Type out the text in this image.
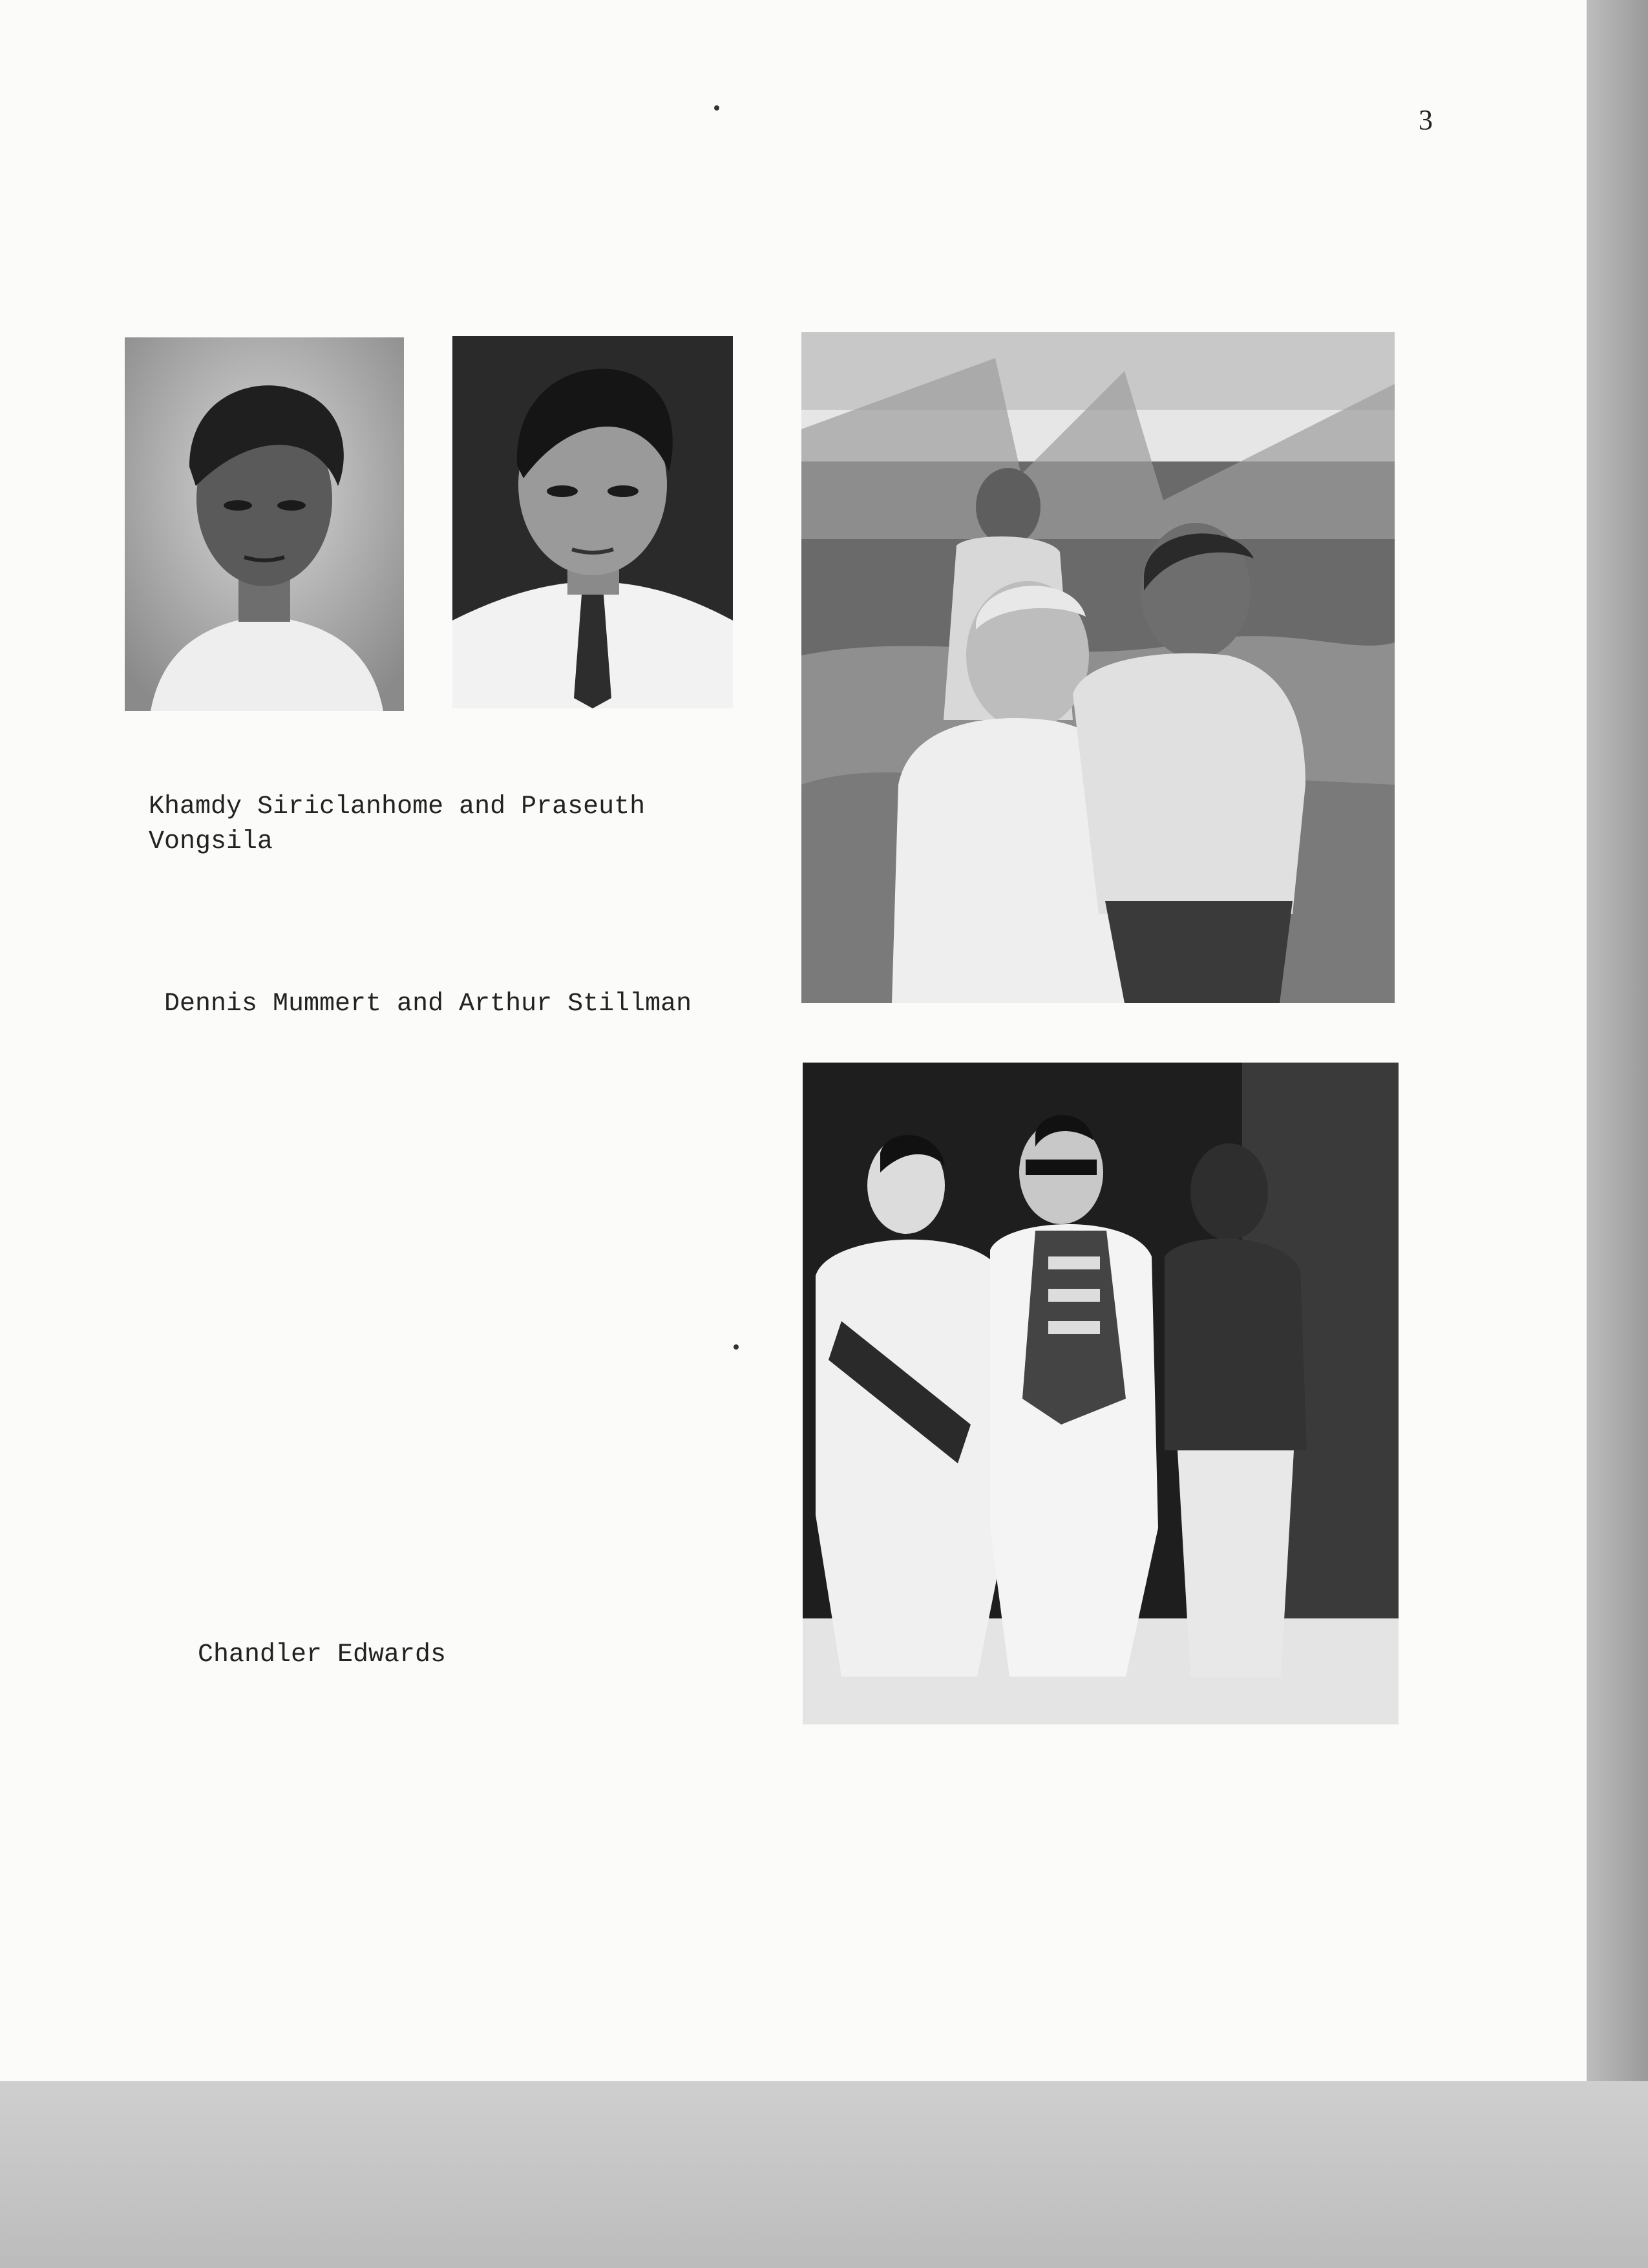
3
Khamdy Siriclanhome and Praseuth
Vongsila
Dennis Mummert and Arthur Stillman
Chandler Edwards
